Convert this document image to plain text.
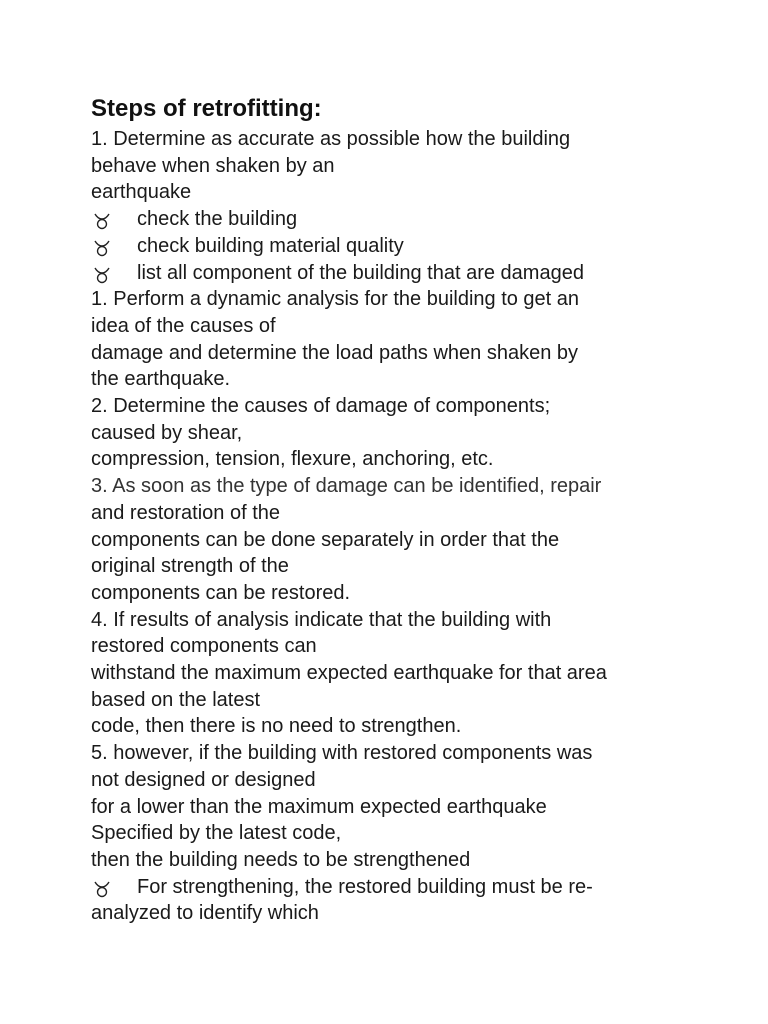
Steps of retrofitting:

1. Determine as accurate as possible how the building

behave when shaken by an

earthquake

check the building
check building material quality
list all component of the building that are damaged

1. Perform a dynamic analysis for the building to get an

idea of the causes of

damage and determine the load paths when shaken by

the earthquake.

2. Determine the causes of damage of components;

caused by shear,

compression, tension, flexure, anchoring, etc.

3. As soon as the type of damage can be identified, repair

and restoration of the

components can be done separately in order that the

original strength of the

components can be restored.

4. If results of analysis indicate that the building with

restored components can

withstand the maximum expected earthquake for that area

based on the latest

code, then there is no need to strengthen.

5. however, if the building with restored components was

not designed or designed

for a lower than the maximum expected earthquake

Specified by the latest code,

then the building needs to be strengthened

For strengthening, the restored building must be re-

analyzed to identify which
